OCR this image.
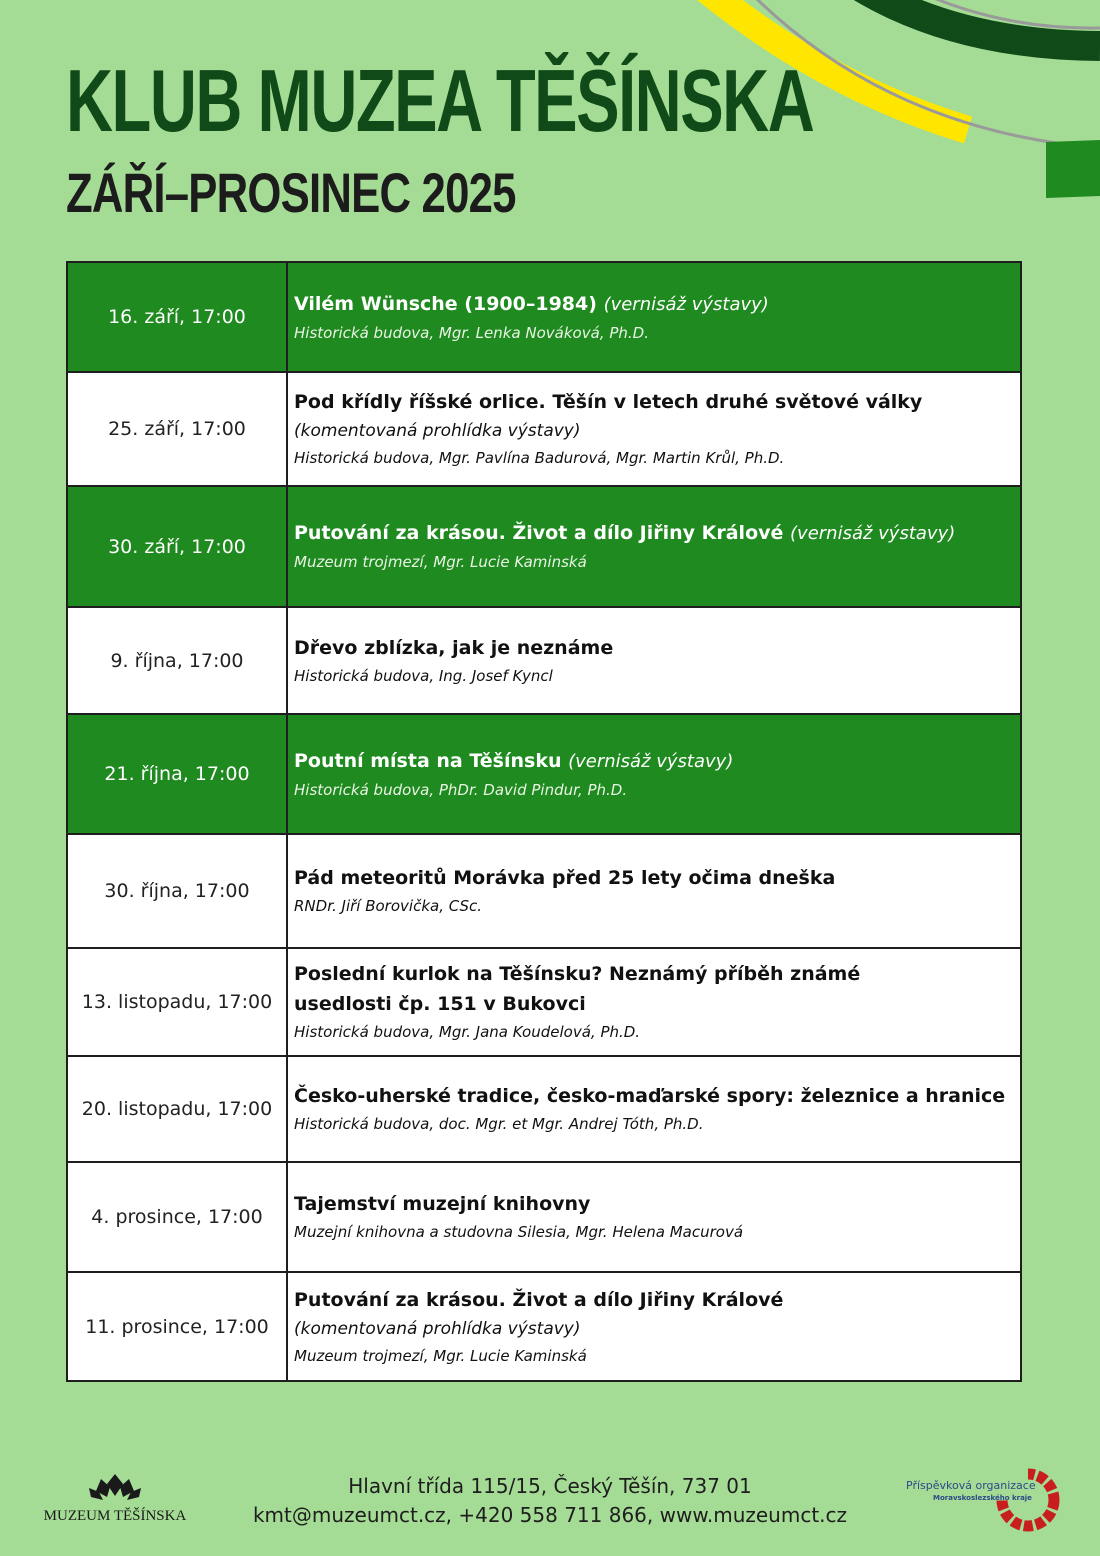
KLUB MUZEA TĚŠÍNSKA
ZÁŘÍ–PROSINEC 2025
16. září, 17:00	Vilém Wünsche (1900–1984) (vernisáž výstavy)
Historická budova, Mgr. Lenka Nováková, Ph.D.

25. září, 17:00	Pod křídly říšské orlice. Těšín v letech druhé světové války
(komentovaná prohlídka výstavy)
Historická budova, Mgr. Pavlína Badurová, Mgr. Martin Krůl, Ph.D.

30. září, 17:00	Putování za krásou. Život a dílo Jiřiny Králové (vernisáž výstavy)
Muzeum trojmezí, Mgr. Lucie Kaminská

9. října, 17:00	Dřevo zblízka, jak je neznáme
Historická budova, Ing. Josef Kyncl

21. října, 17:00	Poutní místa na Těšínsku (vernisáž výstavy)
Historická budova, PhDr. David Pindur, Ph.D.

30. října, 17:00	Pád meteoritů Morávka před 25 lety očima dneška
RNDr. Jiří Borovička, CSc.

13. listopadu, 17:00	Poslední kurlok na Těšínsku? Neznámý příběh známé
usedlosti čp. 151 v Bukovci
Historická budova, Mgr. Jana Koudelová, Ph.D.

20. listopadu, 17:00	Česko-uherské tradice, česko-maďarské spory: železnice a hranice
Historická budova, doc. Mgr. et Mgr. Andrej Tóth, Ph.D.

4. prosince, 17:00	Tajemství muzejní knihovny
Muzejní knihovna a studovna Silesia, Mgr. Helena Macurová

11. prosince, 17:00	Putování za krásou. Život a dílo Jiřiny Králové
(komentovaná prohlídka výstavy)
Muzeum trojmezí, Mgr. Lucie Kaminská
MUZEUM TĚŠÍNSKA
Hlavní třída 115/15, Český Těšín, 737 01
kmt@muzeumct.cz, +420 558 711 866, www.muzeumct.cz
Příspěvková organizace
Moravskoslezského kraje
